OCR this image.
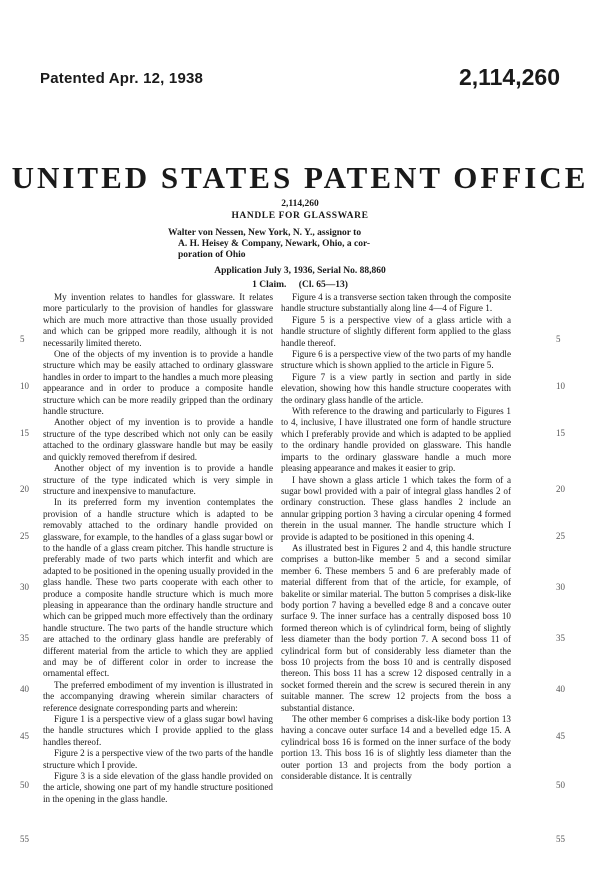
Patented Apr. 12, 1938	2,114,260
UNITED STATES PATENT OFFICE
2,114,260
HANDLE FOR GLASSWARE
Walter von Nessen, New York, N. Y., assignor to
A. H. Heisey & Company, Newark, Ohio, a cor-
poration of Ohio
Application July 3, 1936, Serial No. 88,860
1 Claim. (Cl. 65—13)

My invention relates to handles for glassware. It relates more particularly to the provision of handles for glassware which are much more attractive than those usually provided and which can be gripped more readily, although it is not necessarily limited thereto.

One of the objects of my invention is to provide a handle structure which may be easily attached to ordinary glassware handles in order to impart to the handles a much more pleasing appearance and in order to produce a composite handle structure which can be more readily gripped than the ordinary handle structure.

Another object of my invention is to provide a handle structure of the type described which not only can be easily attached to the ordinary glassware handle but may be easily and quickly removed therefrom if desired.

Another object of my invention is to provide a handle structure of the type indicated which is very simple in structure and inexpensive to manufacture.

In its preferred form my invention contemplates the provision of a handle structure which is adapted to be removably attached to the ordinary handle provided on glassware, for example, to the handles of a glass sugar bowl or to the handle of a glass cream pitcher. This handle structure is preferably made of two parts which interfit and which are adapted to be positioned in the opening usually provided in the glass handle. These two parts cooperate with each other to produce a composite handle structure which is much more pleasing in appearance than the ordinary handle structure and which can be gripped much more effectively than the ordinary handle structure. The two parts of the handle structure which are attached to the ordinary glass handle are preferably of different material from the article to which they are applied and may be of different color in order to increase the ornamental effect.

The preferred embodiment of my invention is illustrated in the accompanying drawing wherein similar characters of reference designate corresponding parts and wherein:

Figure 1 is a perspective view of a glass sugar bowl having the handle structures which I provide applied to the glass handles thereof.

Figure 2 is a perspective view of the two parts of the handle structure which I provide.

Figure 3 is a side elevation of the glass handle provided on the article, showing one part of my handle structure positioned in the opening in the glass handle.

Figure 4 is a transverse section taken through the composite handle structure substantially along line 4—4 of Figure 1.

Figure 5 is a perspective view of a glass article with a handle structure of slightly different form applied to the glass handle thereof.

Figure 6 is a perspective view of the two parts of my handle structure which is shown applied to the article in Figure 5.

Figure 7 is a view partly in section and partly in side elevation, showing how this handle structure cooperates with the ordinary glass handle of the article.

With reference to the drawing and particularly to Figures 1 to 4, inclusive, I have illustrated one form of handle structure which I preferably provide and which is adapted to be applied to the ordinary handle provided on glassware. This handle imparts to the ordinary glassware handle a much more pleasing appearance and makes it easier to grip.

I have shown a glass article 1 which takes the form of a sugar bowl provided with a pair of integral glass handles 2 of ordinary construction. These glass handles 2 include an annular gripping portion 3 having a circular opening 4 formed therein in the usual manner. The handle structure which I provide is adapted to be positioned in this opening 4.

As illustrated best in Figures 2 and 4, this handle structure comprises a button-like member 5 and a second similar member 6. These members 5 and 6 are preferably made of material different from that of the article, for example, of bakelite or similar material. The button 5 comprises a disk-like body portion 7 having a bevelled edge 8 and a concave outer surface 9. The inner surface has a centrally disposed boss 10 formed thereon which is of cylindrical form, being of slightly less diameter than the body portion 7. A second boss 11 of cylindrical form but of considerably less diameter than the boss 10 projects from the boss 10 and is centrally disposed thereon. This boss 11 has a screw 12 disposed centrally in a socket formed therein and the screw is secured therein in any suitable manner. The screw 12 projects from the boss a substantial distance.

The other member 6 comprises a disk-like body portion 13 having a concave outer surface 14 and a bevelled edge 15. A cylindrical boss 16 is formed on the inner surface of the body portion 13. This boss 16 is of slightly less diameter than the outer portion 13 and projects from the body portion a considerable distance. It is centrally

5
10
15
20
25
30
35
40
45
50
55
5
10
15
20
25
30
35
40
45
50
55
